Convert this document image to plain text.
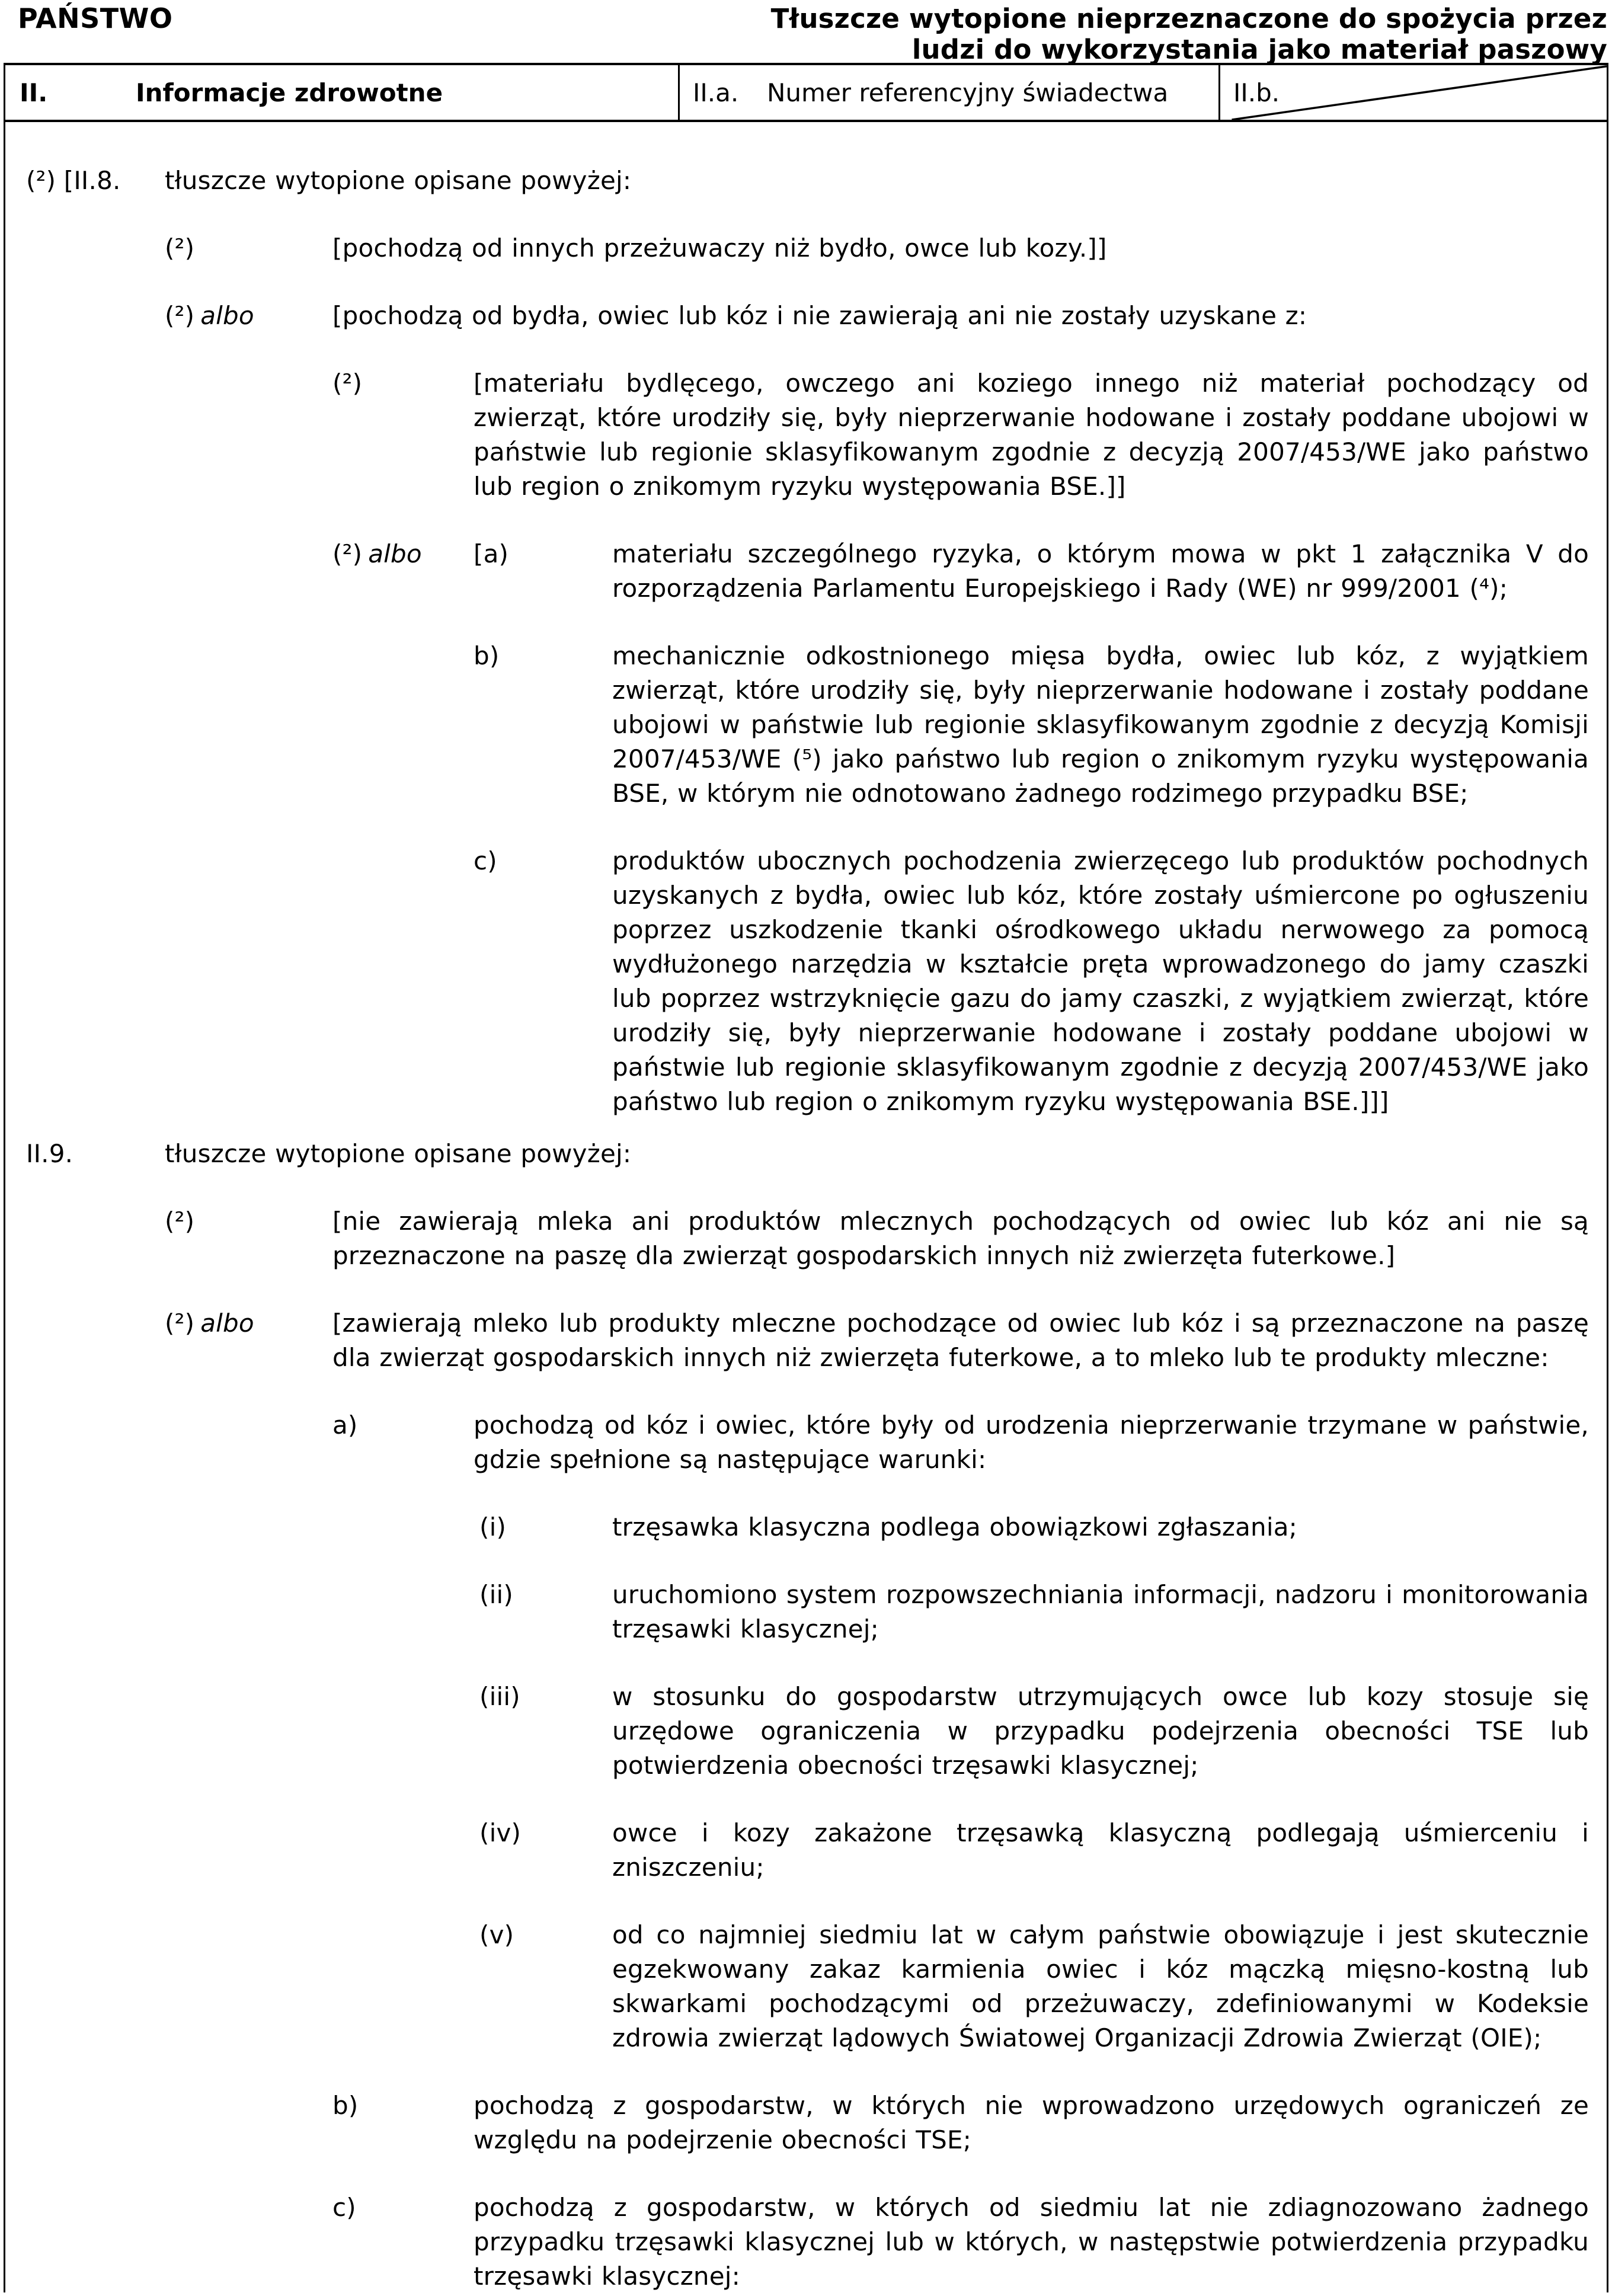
PAŃSTWO	Tłuszcze wytopione nieprzeznaczone do spożycia przez
ludzi do wykorzystania jako materiał paszowy
II.	Informacje zdrowotne	II.a.	Numer referencyjny świadectwa	II.b.
(²) [II.8.	tłuszcze wytopione opisane powyżej:
(²)	[pochodzą od innych przeżuwaczy niż bydło, owce lub kozy.]]
(²) albo	[pochodzą od bydła, owiec lub kóz i nie zawierają ani nie zostały uzyskane z:
(²)	[materiału bydlęcego, owczego ani koziego innego niż materiał pochodzący od zwierząt, które urodziły się, były nieprzerwanie hodowane i zostały poddane ubojowi w państwie lub regionie sklasyfikowanym zgodnie z decyzją 2007/453/WE jako państwo lub region o znikomym ryzyku występowania BSE.]]
(²) albo	[a)	materiału szczególnego ryzyka, o którym mowa w pkt 1 załącznika V do rozporządzenia Parlamentu Europejskiego i Rady (WE) nr 999/2001 (⁴);
b)	mechanicznie odkostnionego mięsa bydła, owiec lub kóz, z wyjątkiem zwierząt, które urodziły się, były nieprzerwanie hodowane i zostały poddane ubojowi w państwie lub regionie sklasyfikowanym zgodnie z decyzją Komisji 2007/453/WE (⁵) jako państwo lub region o znikomym ryzyku występowania BSE, w którym nie odnotowano żadnego rodzimego przypadku BSE;
c)	produktów ubocznych pochodzenia zwierzęcego lub produktów pochodnych uzyskanych z bydła, owiec lub kóz, które zostały uśmiercone po ogłuszeniu poprzez uszkodzenie tkanki ośrodkowego układu nerwowego za pomocą wydłużonego narzędzia w kształcie pręta wprowadzonego do jamy czaszki lub poprzez wstrzyknięcie gazu do jamy czaszki, z wyjątkiem zwierząt, które urodziły się, były nieprzerwanie hodowane i zostały poddane ubojowi w państwie lub regionie sklasyfikowanym zgodnie z decyzją 2007/453/WE jako państwo lub region o znikomym ryzyku występowania BSE.]]]
II.9.	tłuszcze wytopione opisane powyżej:
(²)	[nie zawierają mleka ani produktów mlecznych pochodzących od owiec lub kóz ani nie są przeznaczone na paszę dla zwierząt gospodarskich innych niż zwierzęta futerkowe.]
(²) albo	[zawierają mleko lub produkty mleczne pochodzące od owiec lub kóz i są przeznaczone na paszę dla zwierząt gospodarskich innych niż zwierzęta futerkowe, a to mleko lub te produkty mleczne:
a)	pochodzą od kóz i owiec, które były od urodzenia nieprzerwanie trzymane w państwie, gdzie spełnione są następujące warunki:
(i)	trzęsawka klasyczna podlega obowiązkowi zgłaszania;
(ii)	uruchomiono system rozpowszechniania informacji, nadzoru i monitorowania trzęsawki klasycznej;
(iii)	w stosunku do gospodarstw utrzymujących owce lub kozy stosuje się urzędowe ograniczenia w przypadku podejrzenia obecności TSE lub potwierdzenia obecności trzęsawki klasycznej;
(iv)	owce i kozy zakażone trzęsawką klasyczną podlegają uśmierceniu i zniszczeniu;
(v)	od co najmniej siedmiu lat w całym państwie obowiązuje i jest skutecznie egzekwowany zakaz karmienia owiec i kóz mączką mięsno-kostną lub skwarkami pochodzącymi od przeżuwaczy, zdefiniowanymi w Kodeksie zdrowia zwierząt lądowych Światowej Organizacji Zdrowia Zwierząt (OIE);
b)	pochodzą z gospodarstw, w których nie wprowadzono urzędowych ograniczeń ze względu na podejrzenie obecności TSE;
c)	pochodzą z gospodarstw, w których od siedmiu lat nie zdiagnozowano żadnego przypadku trzęsawki klasycznej lub w których, w następstwie potwierdzenia przypadku trzęsawki klasycznej:
